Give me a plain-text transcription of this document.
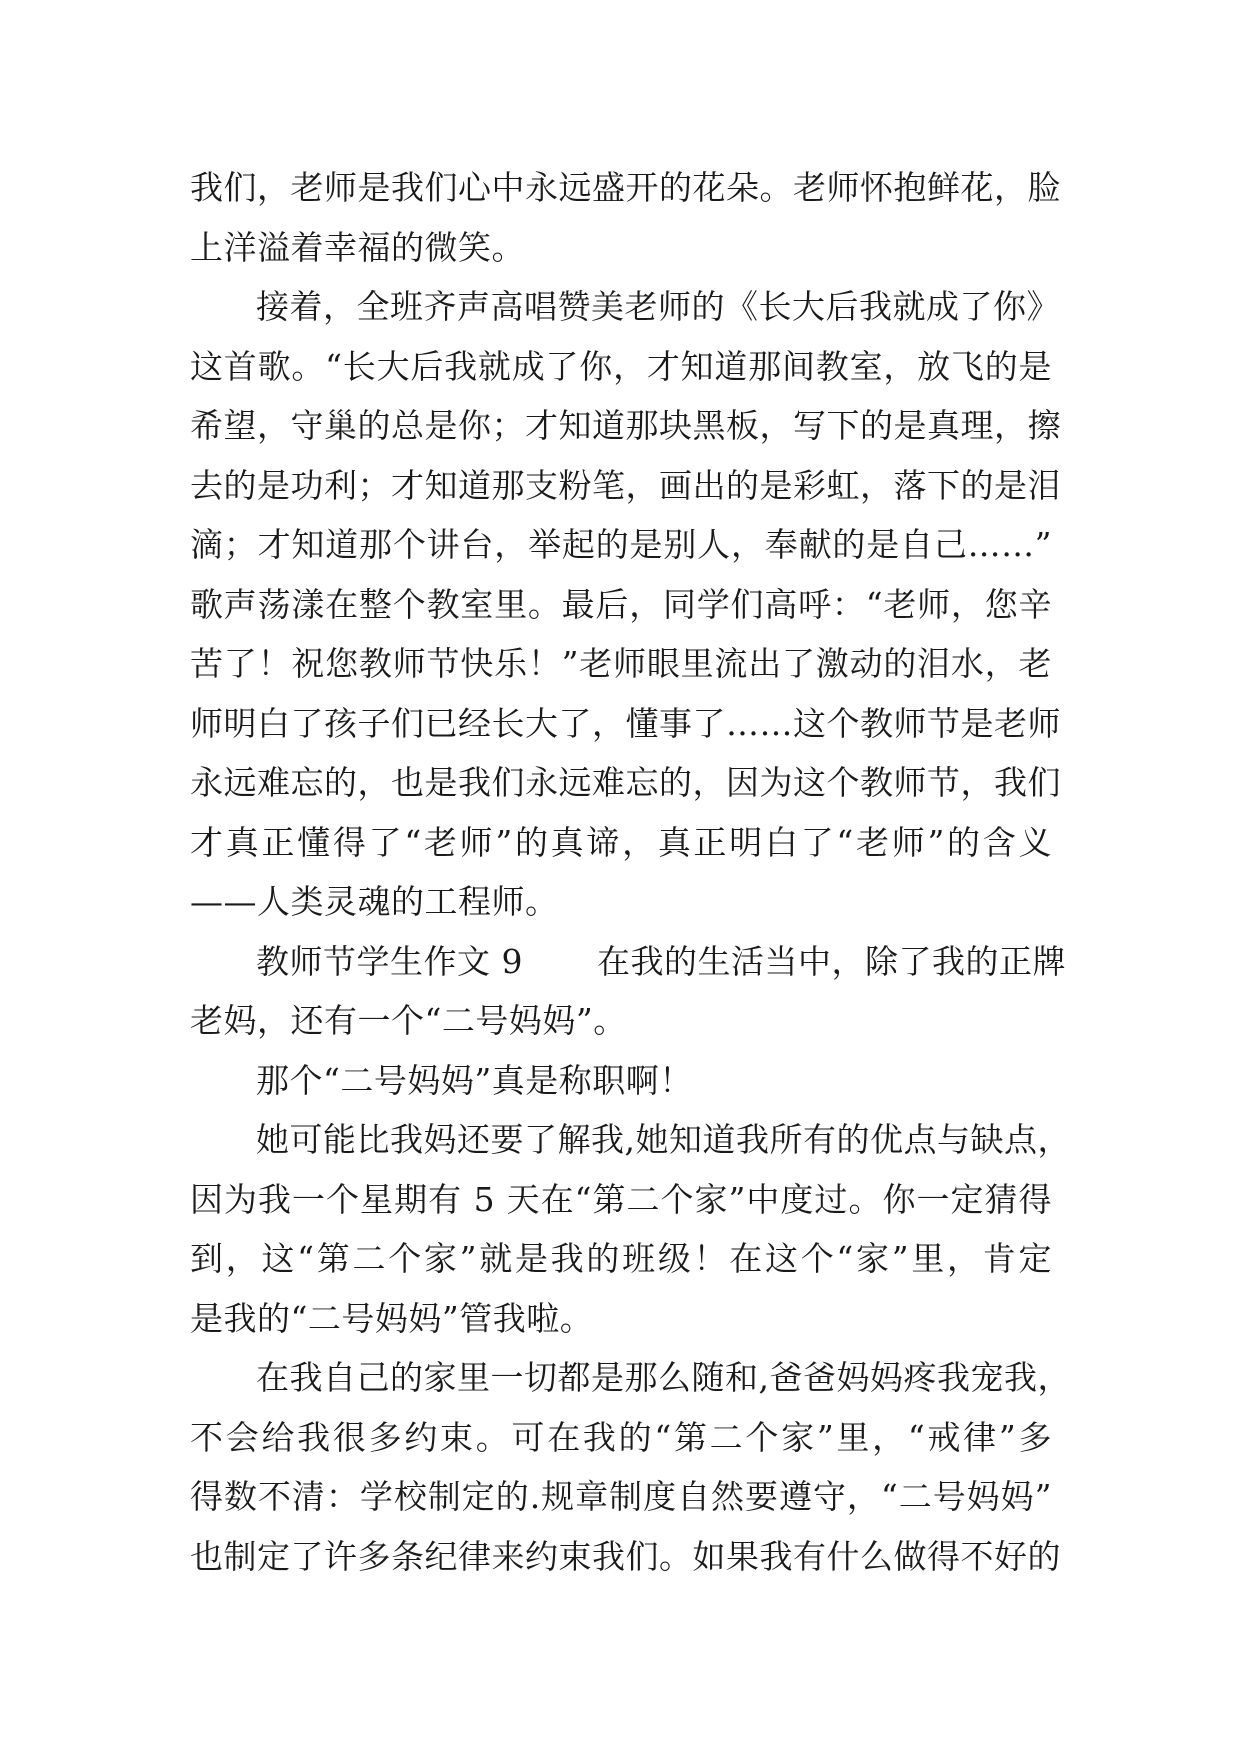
我们，老师是我们心中永远盛开的花朵。老师怀抱鲜花，脸
上洋溢着幸福的微笑。
接着，全班齐声高唱赞美老师的《长大后我就成了你》
这首歌。“长大后我就成了你，才知道那间教室，放飞的是
希望，守巢的总是你；才知道那块黑板，写下的是真理，擦
去的是功利；才知道那支粉笔，画出的是彩虹，落下的是泪
滴；才知道那个讲台，举起的是别人，奉献的是自己……”
歌声荡漾在整个教室里。最后，同学们高呼：“老师，您辛
苦了！祝您教师节快乐！”老师眼里流出了激动的泪水，老
师明白了孩子们已经长大了，懂事了……这个教师节是老师
永远难忘的，也是我们永远难忘的，因为这个教师节，我们
才真正懂得了“老师”的真谛，真正明白了“老师”的含义
——人类灵魂的工程师。
教师节学生作文 9 在我的生活当中，除了我的正牌
老妈，还有一个“二号妈妈”。
那个“二号妈妈”真是称职啊！
她可能比我妈还要了解我,她知道我所有的优点与缺点，
因为我一个星期有 5 天在“第二个家”中度过。你一定猜得
到，这“第二个家”就是我的班级！在这个“家”里，肯定
是我的“二号妈妈”管我啦。
在我自己的家里一切都是那么随和,爸爸妈妈疼我宠我，
不会给我很多约束。可在我的“第二个家”里，“戒律”多
得数不清：学校制定的.规章制度自然要遵守，“二号妈妈”
也制定了许多条纪律来约束我们。如果我有什么做得不好的
